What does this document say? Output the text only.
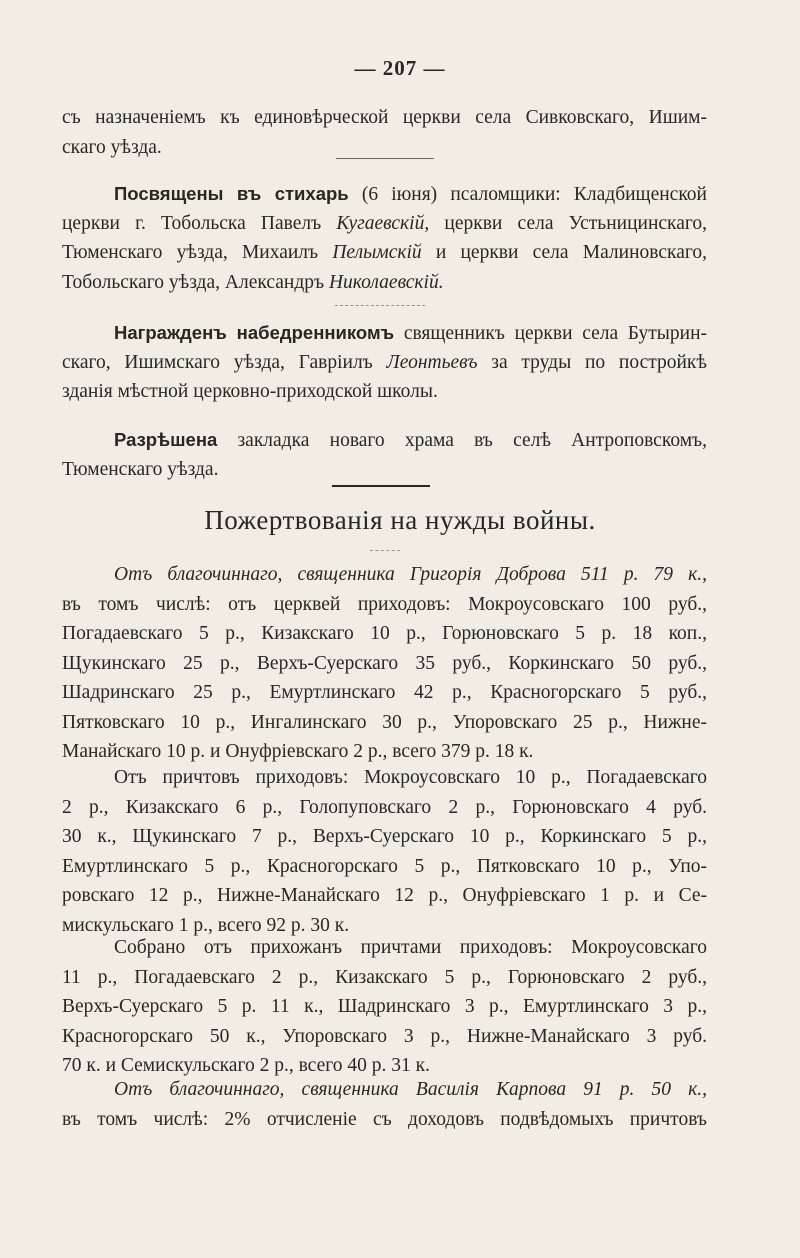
— 207 —
съ назначеніемъ къ единовѣрческой церкви села Сивковскаго, Ишим-
скаго уѣзда.
Посвящены въ стихарь (6 іюня) псаломщики: Кладбищенской
церкви г. Тобольска Павелъ Кугаевскій, церкви села Устьницинскаго,
Тюменскаго уѣзда, Михаилъ Пелымскій и церкви села Малиновскаго,
Тобольскаго уѣзда, Александръ Николаевскій.
Награжденъ набедренникомъ священникъ церкви села Бутырин-
скаго, Ишимскаго уѣзда, Гавріилъ Леонтьевъ за труды по постройкѣ
зданія мѣстной церковно-приходской школы.
Разрѣшена закладка новаго храма въ селѣ Антроповскомъ,
Тюменскаго уѣзда.
Пожертвованія на нужды войны.
Отъ благочиннаго, священника Григорія Доброва 511 р. 79 к.,
въ томъ числѣ: отъ церквей приходовъ: Мокроусовскаго 100 руб.,
Погадаевскаго 5 р., Кизакскаго 10 р., Горюновскаго 5 р. 18 коп.,
Щукинскаго 25 р., Верхъ-Суерскаго 35 руб., Коркинскаго 50 руб.,
Шадринскаго 25 р., Емуртлинскаго 42 р., Красногорскаго 5 руб.,
Пятковскаго 10 р., Ингалинскаго 30 р., Упоровскаго 25 р., Нижне-
Манайскаго 10 р. и Онуфріевскаго 2 р., всего 379 р. 18 к.
Отъ причтовъ приходовъ: Мокроусовскаго 10 р., Погадаевскаго
2 р., Кизакскаго 6 р., Голопуповскаго 2 р., Горюновскаго 4 руб.
30 к., Щукинскаго 7 р., Верхъ-Суерскаго 10 р., Коркинскаго 5 р.,
Емуртлинскаго 5 р., Красногорскаго 5 р., Пятковскаго 10 р., Упо-
ровскаго 12 р., Нижне-Манайскаго 12 р., Онуфріевскаго 1 р. и Се-
мискульскаго 1 р., всего 92 р. 30 к.
Собрано отъ прихожанъ причтами приходовъ: Мокроусовскаго
11 р., Погадаевскаго 2 р., Кизакскаго 5 р., Горюновскаго 2 руб.,
Верхъ-Суерскаго 5 р. 11 к., Шадринскаго 3 р., Емуртлинскаго 3 р.,
Красногорскаго 50 к., Упоровскаго 3 р., Нижне-Манайскаго 3 руб.
70 к. и Семискульскаго 2 р., всего 40 р. 31 к.
Отъ благочиннаго, священника Василія Карпова 91 р. 50 к.,
въ томъ числѣ: 2% отчисленіе съ доходовъ подвѣдомыхъ причтовъ
